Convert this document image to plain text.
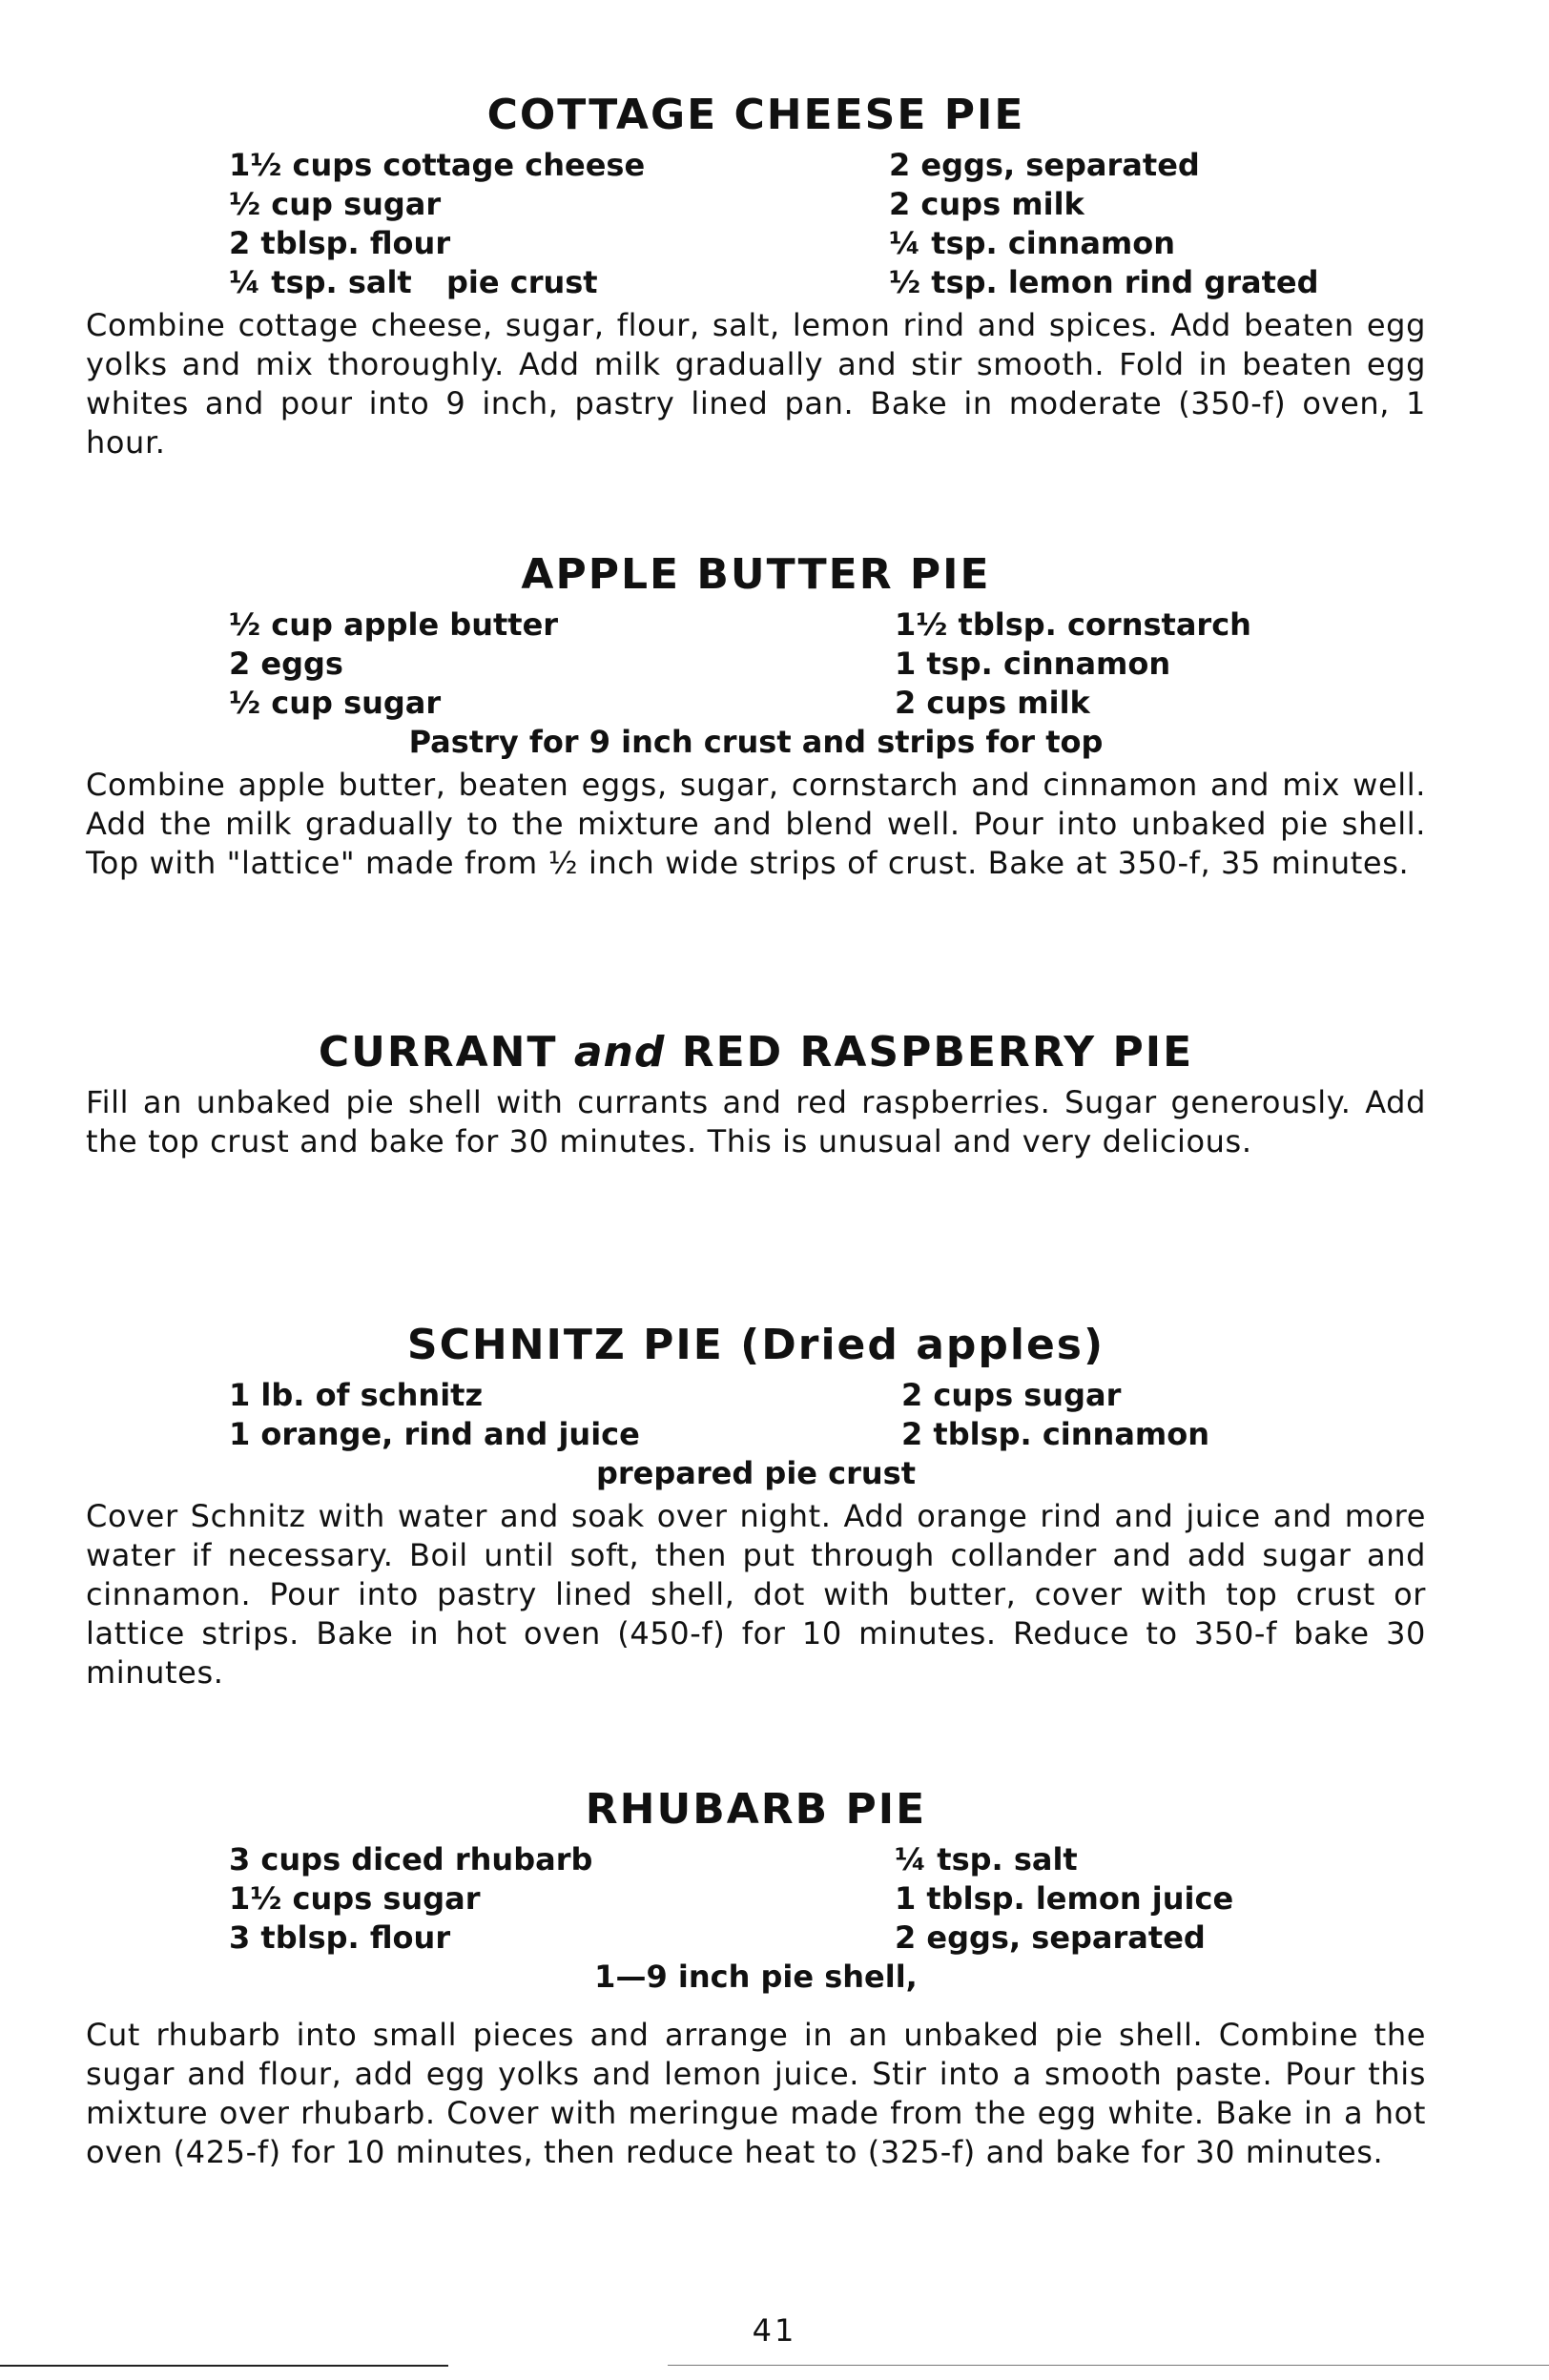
COTTAGE CHEESE PIE
1½ cups cottage cheese	2 eggs, separated
½ cup sugar	2 cups milk
2 tblsp. flour	¼ tsp. cinnamon
¼ tsp. salt pie crust	½ tsp. lemon rind grated

Combine cottage cheese, sugar, flour, salt, lemon rind and spices. Add beaten egg yolks and mix thoroughly. Add milk gradually and stir smooth. Fold in beaten egg whites and pour into 9 inch, pastry lined pan. Bake in moderate (350-f) oven, 1 hour.

APPLE BUTTER PIE
½ cup apple butter	1½ tblsp. cornstarch
2 eggs	1 tsp. cinnamon
½ cup sugar	2 cups milk
Pastry for 9 inch crust and strips for top

Combine apple butter, beaten eggs, sugar, cornstarch and cinnamon and mix well. Add the milk gradually to the mixture and blend well. Pour into unbaked pie shell. Top with "lattice" made from ½ inch wide strips of crust. Bake at 350-f, 35 minutes.

CURRANT and RED RASPBERRY PIE

Fill an unbaked pie shell with currants and red raspberries. Sugar generously. Add the top crust and bake for 30 minutes. This is unusual and very delicious.

SCHNITZ PIE (Dried apples)
1 lb. of schnitz	2 cups sugar
1 orange, rind and juice	2 tblsp. cinnamon
prepared pie crust

Cover Schnitz with water and soak over night. Add orange rind and juice and more water if necessary. Boil until soft, then put through collander and add sugar and cinnamon. Pour into pastry lined shell, dot with butter, cover with top crust or lattice strips. Bake in hot oven (450-f) for 10 minutes. Reduce to 350-f bake 30 minutes.

RHUBARB PIE
3 cups diced rhubarb	¼ tsp. salt
1½ cups sugar	1 tblsp. lemon juice
3 tblsp. flour	2 eggs, separated
1—9 inch pie shell,

Cut rhubarb into small pieces and arrange in an unbaked pie shell. Combine the sugar and flour, add egg yolks and lemon juice. Stir into a smooth paste. Pour this mixture over rhubarb. Cover with meringue made from the egg white. Bake in a hot oven (425-f) for 10 minutes, then reduce heat to (325-f) and bake for 30 minutes.

41
